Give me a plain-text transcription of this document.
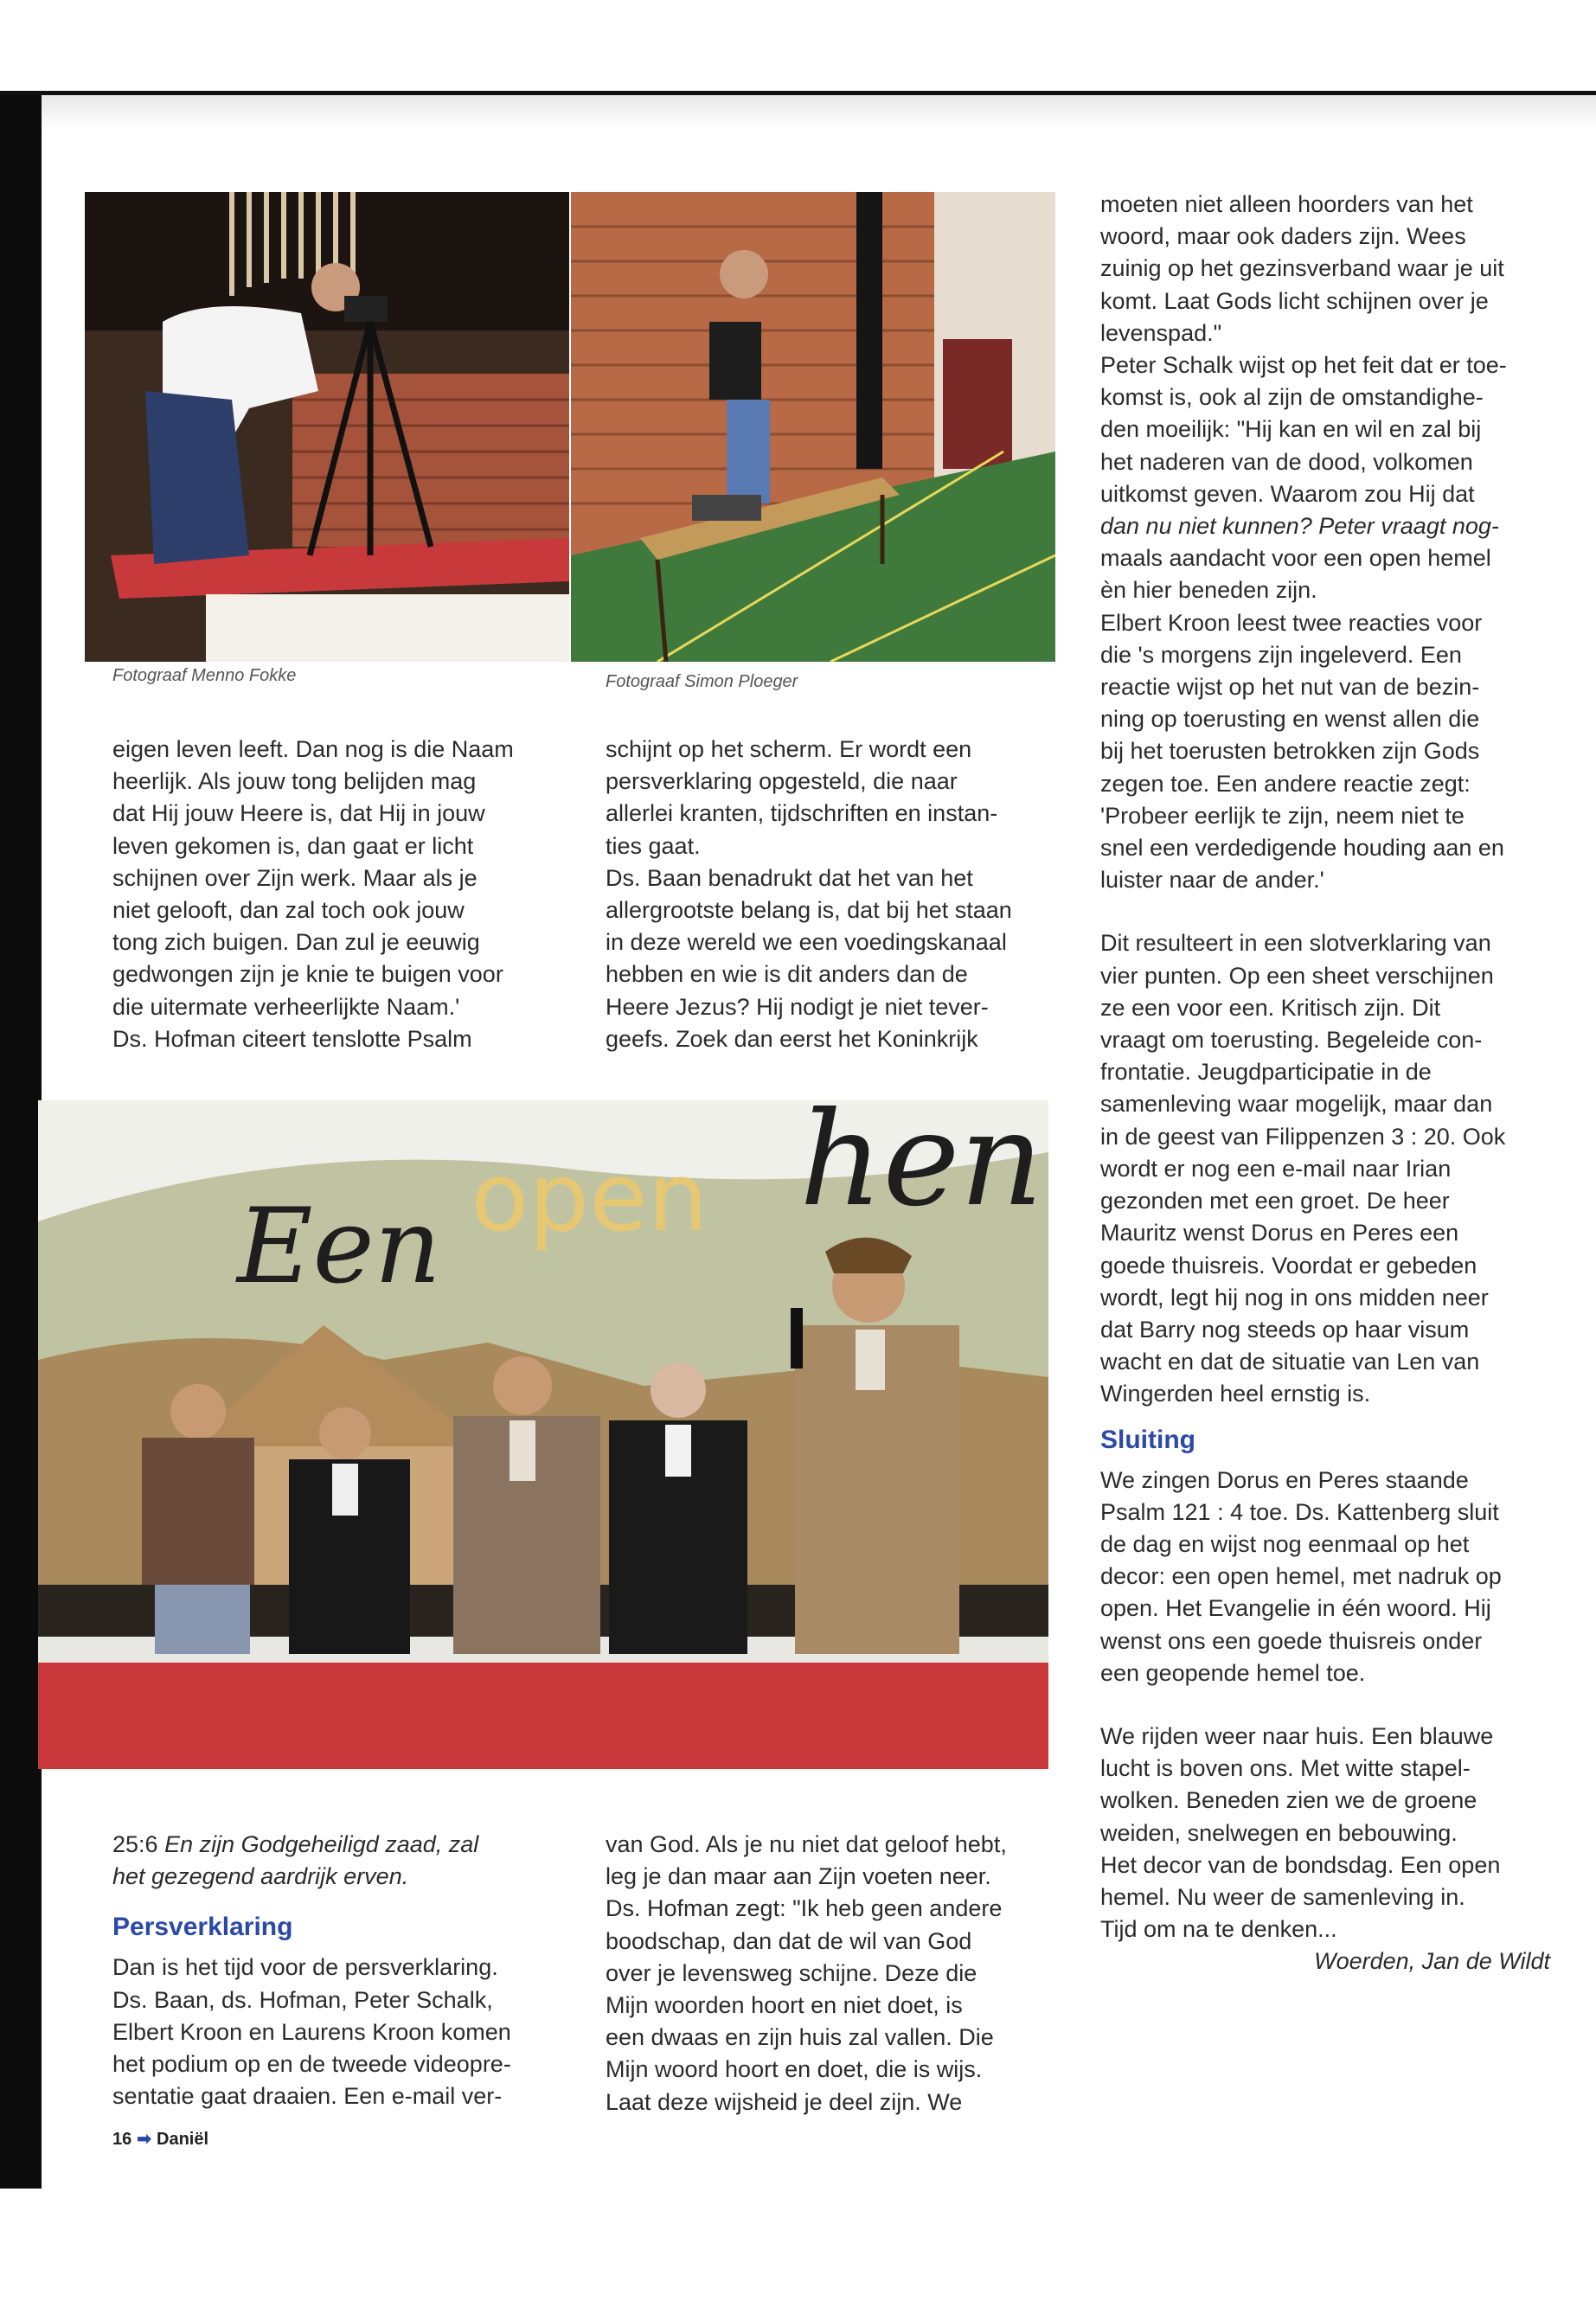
Fotograaf Menno Fokke	Fotograaf Simon Ploeger

eigen leven leeft. Dan nog is die Naam

heerlijk. Als jouw tong belijden mag

dat Hij jouw Heere is, dat Hij in jouw

leven gekomen is, dan gaat er licht

schijnen over Zijn werk. Maar als je

niet gelooft, dan zal toch ook jouw

tong zich buigen. Dan zul je eeuwig

gedwongen zijn je knie te buigen voor

die uitermate verheerlijkte Naam.'

Ds. Hofman citeert tenslotte Psalm

schijnt op het scherm. Er wordt een

persverklaring opgesteld, die naar

allerlei kranten, tijdschriften en instan-

ties gaat.

Ds. Baan benadrukt dat het van het

allergrootste belang is, dat bij het staan

in deze wereld we een voedingskanaal

hebben en wie is dit anders dan de

Heere Jezus? Hij nodigt je niet tever-

geefs. Zoek dan eerst het Koninkrijk

Een open hen

25:6 En zijn Godgeheiligd zaad, zal

het gezegend aardrijk erven.

Persverklaring

Dan is het tijd voor de persverklaring.

Ds. Baan, ds. Hofman, Peter Schalk,

Elbert Kroon en Laurens Kroon komen

het podium op en de tweede videopre-

sentatie gaat draaien. Een e-mail ver-

van God. Als je nu niet dat geloof hebt,

leg je dan maar aan Zijn voeten neer.

Ds. Hofman zegt: "Ik heb geen andere

boodschap, dan dat de wil van God

over je levensweg schijne. Deze die

Mijn woorden hoort en niet doet, is

een dwaas en zijn huis zal vallen. Die

Mijn woord hoort en doet, die is wijs.

Laat deze wijsheid je deel zijn. We

moeten niet alleen hoorders van het

woord, maar ook daders zijn. Wees

zuinig op het gezinsverband waar je uit

komt. Laat Gods licht schijnen over je

levenspad."

Peter Schalk wijst op het feit dat er toe-

komst is, ook al zijn de omstandighe-

den moeilijk: "Hij kan en wil en zal bij

het naderen van de dood, volkomen

uitkomst geven. Waarom zou Hij dat

dan nu niet kunnen? Peter vraagt nog-

maals aandacht voor een open hemel

èn hier beneden zijn.

Elbert Kroon leest twee reacties voor

die 's morgens zijn ingeleverd. Een

reactie wijst op het nut van de bezin-

ning op toerusting en wenst allen die

bij het toerusten betrokken zijn Gods

zegen toe. Een andere reactie zegt:

'Probeer eerlijk te zijn, neem niet te

snel een verdedigende houding aan en

luister naar de ander.'

Dit resulteert in een slotverklaring van

vier punten. Op een sheet verschijnen

ze een voor een. Kritisch zijn. Dit

vraagt om toerusting. Begeleide con-

frontatie. Jeugdparticipatie in de

samenleving waar mogelijk, maar dan

in de geest van Filippenzen 3 : 20. Ook

wordt er nog een e-mail naar Irian

gezonden met een groet. De heer

Mauritz wenst Dorus en Peres een

goede thuisreis. Voordat er gebeden

wordt, legt hij nog in ons midden neer

dat Barry nog steeds op haar visum

wacht en dat de situatie van Len van

Wingerden heel ernstig is.

Sluiting

We zingen Dorus en Peres staande

Psalm 121 : 4 toe. Ds. Kattenberg sluit

de dag en wijst nog eenmaal op het

decor: een open hemel, met nadruk op

open. Het Evangelie in één woord. Hij

wenst ons een goede thuisreis onder

een geopende hemel toe.

We rijden weer naar huis. Een blauwe

lucht is boven ons. Met witte stapel-

wolken. Beneden zien we de groene

weiden, snelwegen en bebouwing.

Het decor van de bondsdag. Een open

hemel. Nu weer de samenleving in.

Tijd om na te denken...

Woerden, Jan de Wildt

16 ➡ Daniël
